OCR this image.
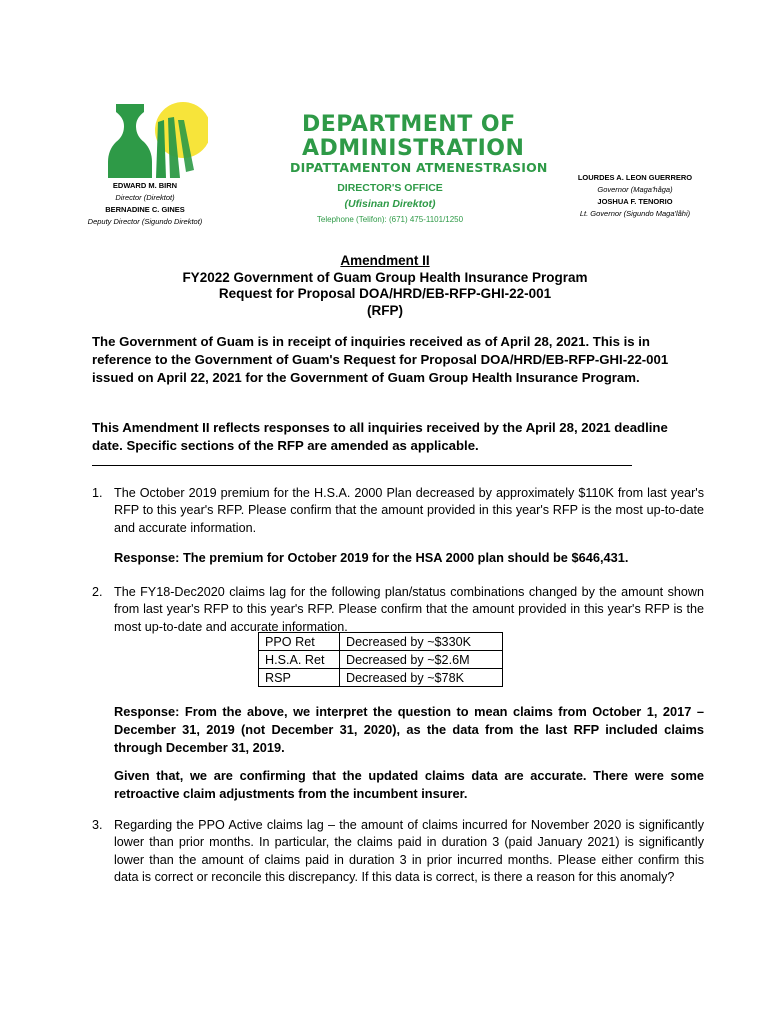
DEPARTMENT OF
ADMINISTRATION
DIPATTAMENTON ATMENESTRASION
EDWARD M. BIRN
Director (Direktot)
BERNADINE C. GINES
Deputy Director (Sigundo Direktot)
DIRECTOR'S OFFICE
(Ufisinan Direktot)
Telephone (Telifon): (671) 475-1101/1250
LOURDES A. LEON GUERRERO
Governor (Maga'håga)
JOSHUA F. TENORIO
Lt. Governor (Sigundo Maga'låhi)
Amendment II
FY2022 Government of Guam Group Health Insurance Program
Request for Proposal DOA/HRD/EB-RFP-GHI-22-001
(RFP)
The Government of Guam is in receipt of inquiries received as of April 28, 2021. This is in reference to the Government of Guam's Request for Proposal DOA/HRD/EB-RFP-GHI-22-001 issued on April 22, 2021 for the Government of Guam Group Health Insurance Program.
This Amendment II reflects responses to all inquiries received by the April 28, 2021 deadline date. Specific sections of the RFP are amended as applicable.
1. The October 2019 premium for the H.S.A. 2000 Plan decreased by approximately $110K from last year's RFP to this year's RFP. Please confirm that the amount provided in this year's RFP is the most up-to-date and accurate information.
Response: The premium for October 2019 for the HSA 2000 plan should be $646,431.
2. The FY18-Dec2020 claims lag for the following plan/status combinations changed by the amount shown from last year's RFP to this year's RFP. Please confirm that the amount provided in this year's RFP is the most up-to-date and accurate information.
PPO Ret	Decreased by ~$330K
H.S.A. Ret	Decreased by ~$2.6M
RSP	Decreased by ~$78K
Response: From the above, we interpret the question to mean claims from October 1, 2017 – December 31, 2019 (not December 31, 2020), as the data from the last RFP included claims through December 31, 2019.
Given that, we are confirming that the updated claims data are accurate. There were some retroactive claim adjustments from the incumbent insurer.
3. Regarding the PPO Active claims lag – the amount of claims incurred for November 2020 is significantly lower than prior months. In particular, the claims paid in duration 3 (paid January 2021) is significantly lower than the amount of claims paid in duration 3 in prior incurred months. Please either confirm this data is correct or reconcile this discrepancy. If this data is correct, is there a reason for this anomaly?
